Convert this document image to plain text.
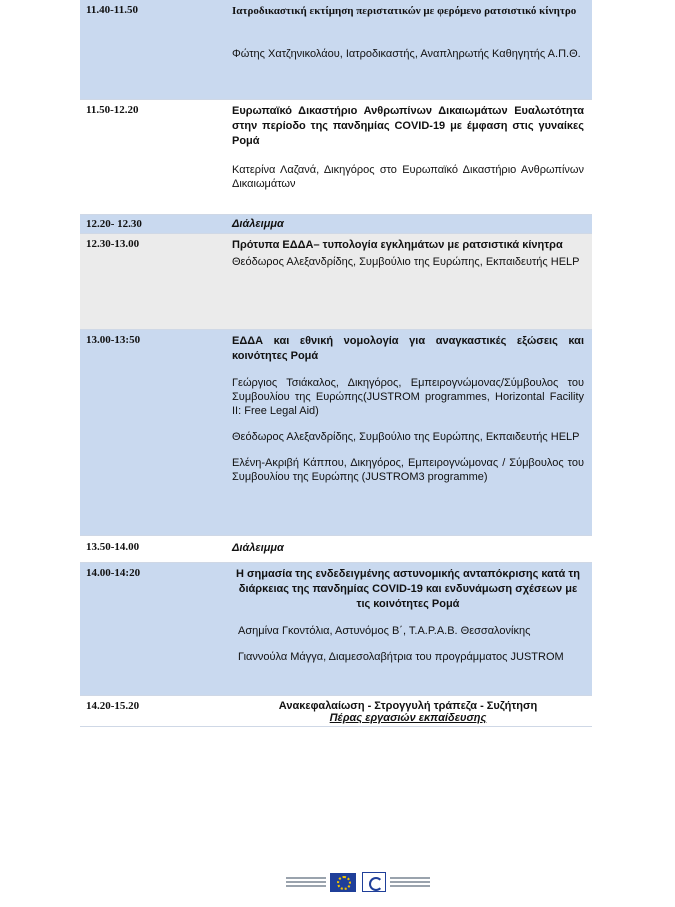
11.40-11.50	Ιατροδικαστική εκτίμηση περιστατικών με φερόμενο ρατσιστικό κίνητρο
Φώτης Χατζηνικολάου, Ιατροδικαστής, Αναπληρωτής Καθηγητής Α.Π.Θ.
11.50-12.20	Ευρωπαϊκό Δικαστήριο Ανθρωπίνων Δικαιωμάτων Ευαλωτότητα στην περίοδο της πανδημίας COVID-19 με έμφαση στις γυναίκες Ρομά
Κατερίνα Λαζανά, Δικηγόρος στο Ευρωπαϊκό Δικαστήριο Ανθρωπίνων Δικαιωμάτων
12.20- 12.30	Διάλειμμα
12.30-13.00	Πρότυπα ΕΔΔΑ– τυπολογία εγκλημάτων με ρατσιστικά κίνητρα
Θεόδωρος Αλεξανδρίδης, Συμβούλιο της Ευρώπης, Εκπαιδευτής HELP
13.00-13:50	ΕΔΔΑ και εθνική νομολογία για αναγκαστικές εξώσεις και κοινότητες Ρομά
Γεώργιος Τσιάκαλος, Δικηγόρος, Εμπειρογνώμονας/Σύμβουλος του Συμβουλίου της Ευρώπης(JUSTROM programmes, Horizontal Facility II: Free Legal Aid)
Θεόδωρος Αλεξανδρίδης, Συμβούλιο της Ευρώπης, Εκπαιδευτής HELP
Ελένη-Ακριβή Κάππου, Δικηγόρος, Εμπειρογνώμονας / Σύμβουλος του Συμβουλίου της Ευρώπης (JUSTROM3 programme)
13.50-14.00	Διάλειμμα
14.00-14:20	Η σημασία της ενδεδειγμένης αστυνομικής ανταπόκρισης κατά τη διάρκειας της πανδημίας COVID-19 και ενδυνάμωση σχέσεων με τις κοινότητες Ρομά
Ασημίνα Γκοντόλια, Αστυνόμος Β΄, Τ.Α.Ρ.Α.Β. Θεσσαλονίκης
Γιαννούλα Μάγγα, Διαμεσολαβήτρια του προγράμματος JUSTROM
14.20-15.20	Ανακεφαλαίωση - Στρογγυλή τράπεζα - Συζήτηση
Πέρας εργασιών εκπαίδευσης
